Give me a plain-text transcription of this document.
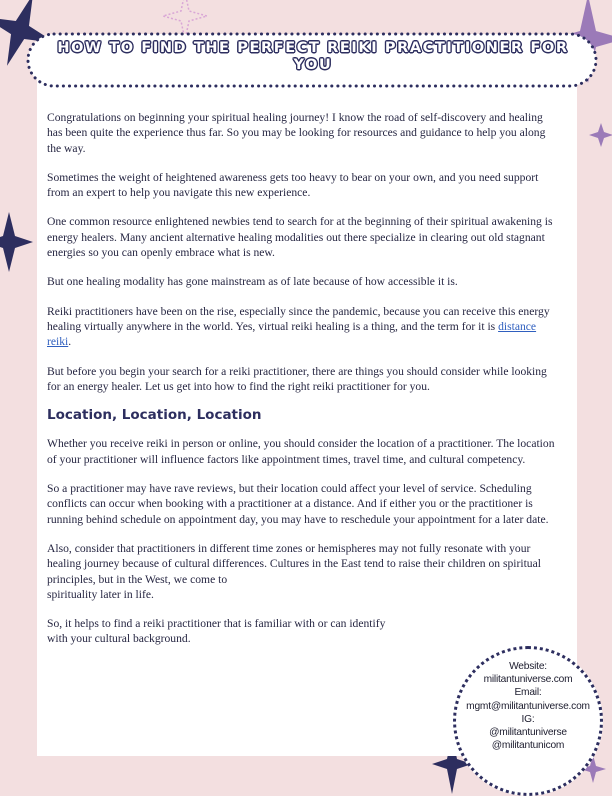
HOW TO FIND THE PERFECT REIKI PRACTITIONER FOR YOU

Congratulations on beginning your spiritual healing journey! I know the road of self-discovery and healing has been quite the experience thus far. So you may be looking for resources and guidance to help you along the way.

Sometimes the weight of heightened awareness gets too heavy to bear on your own, and you need support from an expert to help you navigate this new experience.

One common resource enlightened newbies tend to search for at the beginning of their spiritual awakening is energy healers. Many ancient alternative healing modalities out there specialize in clearing out old stagnant energies so you can openly embrace what is new.

But one healing modality has gone mainstream as of late because of how accessible it is.

Reiki practitioners have been on the rise, especially since the pandemic, because you can receive this energy healing virtually anywhere in the world. Yes, virtual reiki healing is a thing, and the term for it is distance reiki.

But before you begin your search for a reiki practitioner, there are things you should consider while looking for an energy healer. Let us get into how to find the right reiki practitioner for you.

Location, Location, Location

Whether you receive reiki in person or online, you should consider the location of a practitioner. The location of your practitioner will influence factors like appointment times, travel time, and cultural competency.

So a practitioner may have rave reviews, but their location could affect your level of service. Scheduling conflicts can occur when booking with a practitioner at a distance. And if either you or the practitioner is running behind schedule on appointment day, you may have to reschedule your appointment for a later date.

Also, consider that practitioners in different time zones or hemispheres may not fully resonate with your healing journey because of cultural differences. Cultures in the East tend to raise their children on spiritual principles, but in the West, we come to
spirituality later in life.

So, it helps to find a reiki practitioner that is familiar with or can identify with your cultural background.

Website:
militantuniverse.com
Email:
mgmt@militantuniverse.com
IG:
@militantuniverse
@militantunicom
